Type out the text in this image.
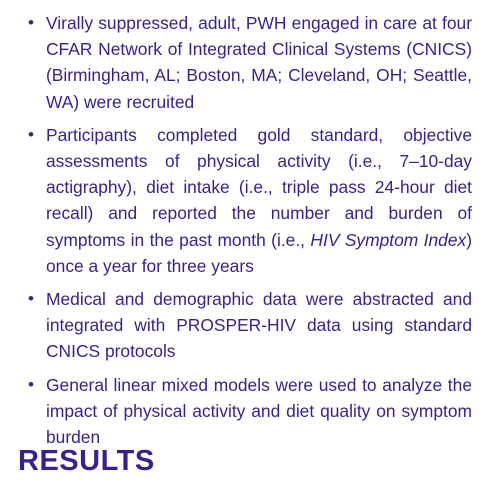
• Virally suppressed, adult, PWH engaged in care at four CFAR Network of Integrated Clinical Systems (CNICS) (Birmingham, AL; Boston, MA; Cleveland, OH; Seattle, WA) were recruited
• Participants completed gold standard, objective assessments of physical activity (i.e., 7–10-day actigraphy), diet intake (i.e., triple pass 24-hour diet recall) and reported the number and burden of symptoms in the past month (i.e., HIV Symptom Index) once a year for three years
• Medical and demographic data were abstracted and integrated with PROSPER-HIV data using standard CNICS protocols
• General linear mixed models were used to analyze the impact of physical activity and diet quality on symptom burden
RESULTS
